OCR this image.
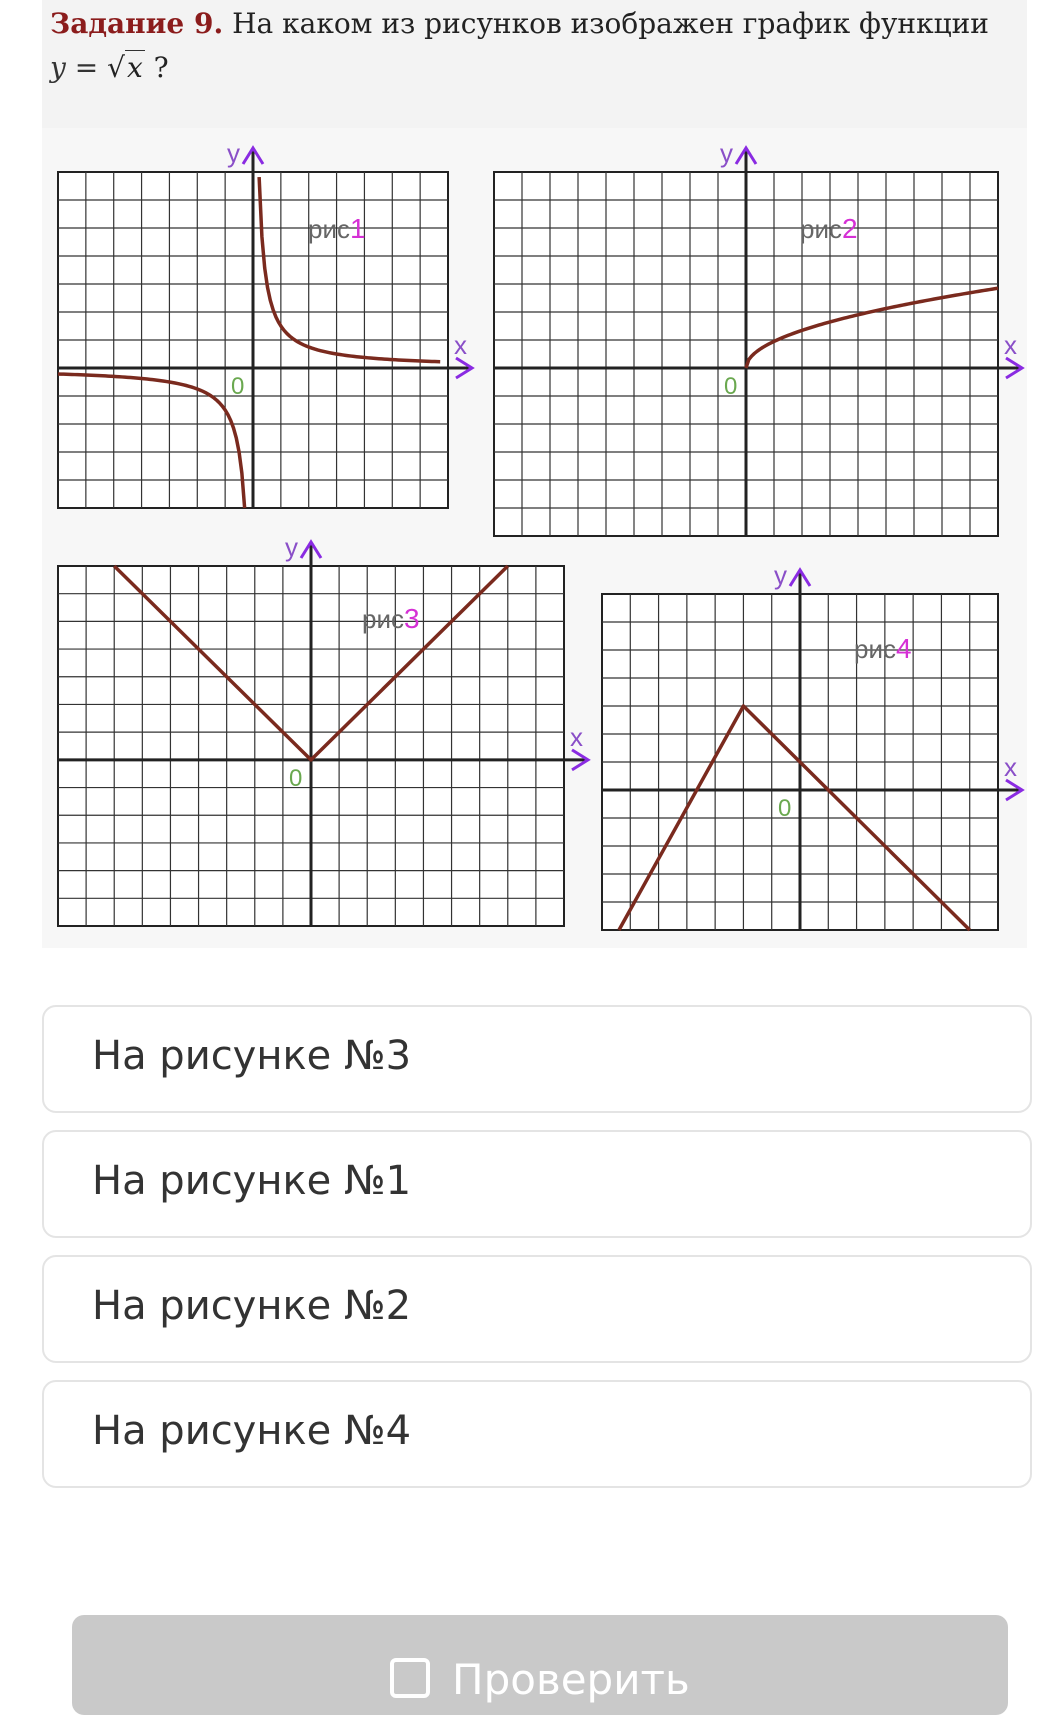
Задание 9. На каком из рисунков изображен график функции
y = √x ?
x
y
0
рис1
x
y
0
рис2
x
y
0
рис3
x
y
0
рис4
На рисунке №3
На рисунке №1
На рисунке №2
На рисунке №4
Проверить
